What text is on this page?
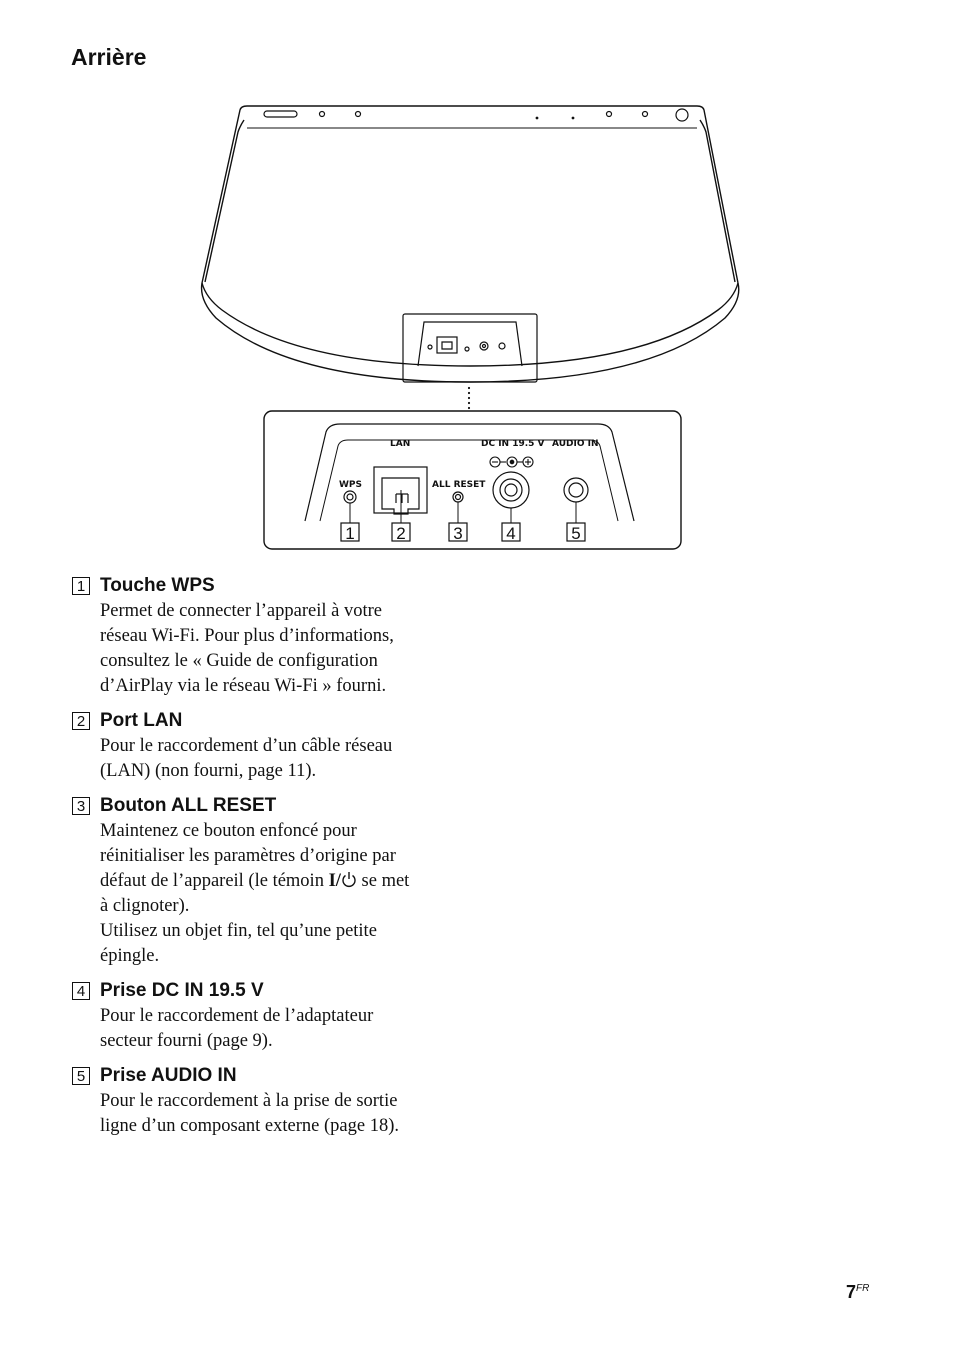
Arrière
LAN	DC IN 19.5 V AUDIO IN
WPS	ALL RESET
1 2	3	4	5
1 Touche WPS

Permet de connecter l’appareil à votre

réseau Wi-Fi. Pour plus d’informations,

consultez le « Guide de configuration

d’AirPlay via le réseau Wi-Fi » fourni.

2 Port LAN

Pour le raccordement d’un câble réseau

(LAN) (non fourni, page 11).

3 Bouton ALL RESET

Maintenez ce bouton enfoncé pour

réinitialiser les paramètres d’origine par

défaut de l’appareil (le témoin I/ se met

à clignoter).

Utilisez un objet fin, tel qu’une petite

épingle.

4 Prise DC IN 19.5 V

Pour le raccordement de l’adaptateur

secteur fourni (page 9).

5 Prise AUDIO IN

Pour le raccordement à la prise de sortie

ligne d’un composant externe (page 18).

$7^{FR}$
